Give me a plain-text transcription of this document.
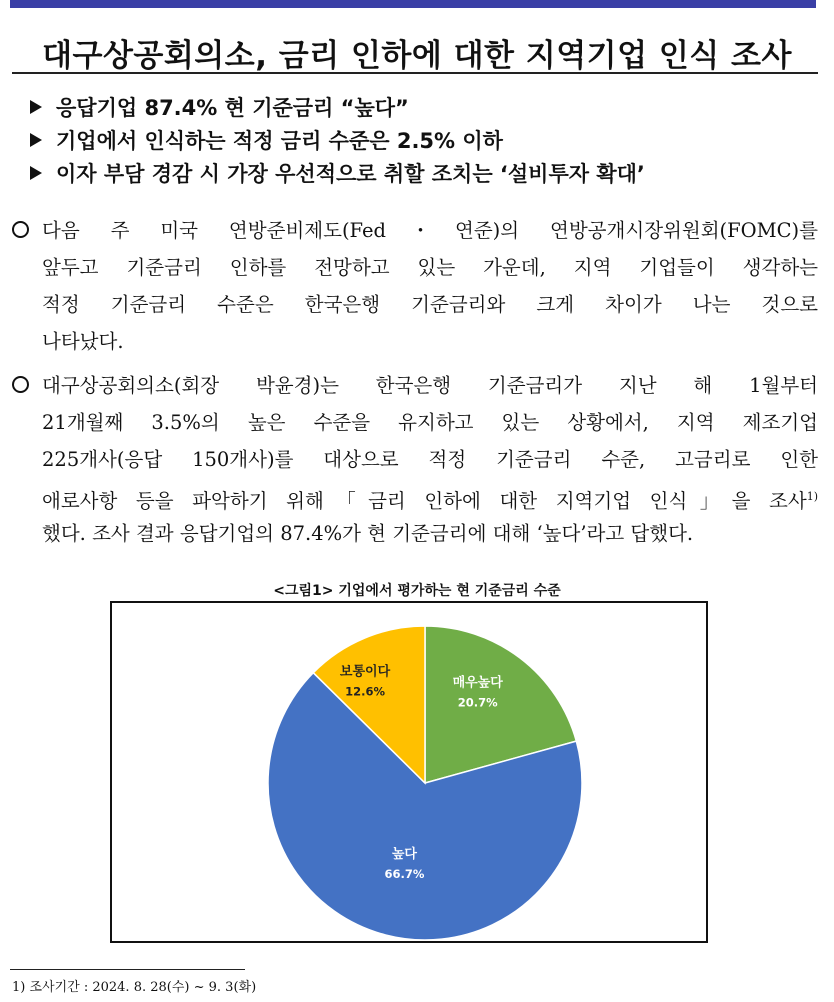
대구상공회의소, 금리 인하에 대한 지역기업 인식 조사
응답기업 87.4% 현 기준금리 “높다”
기업에서 인식하는 적정 금리 수준은 2.5% 이하
이자 부담 경감 시 가장 우선적으로 취할 조치는 ‘설비투자 확대’
다음 주 미국 연방준비제도(Fed・연준)의 연방공개시장위원회(FOMC)를
앞두고 기준금리 인하를 전망하고 있는 가운데, 지역 기업들이 생각하는
적정 기준금리 수준은 한국은행 기준금리와 크게 차이가 나는 것으로
나타났다.
대구상공회의소(회장 박윤경)는 한국은행 기준금리가 지난 해 1월부터
21개월째 3.5%의 높은 수준을 유지하고 있는 상황에서, 지역 제조기업
225개사(응답 150개사)를 대상으로 적정 기준금리 수준, 고금리로 인한
애로사항 등을 파악하기 위해「금리 인하에 대한 지역기업 인식」을 조사$^{1)}$
했다. 조사 결과 응답기업의 87.4%가 현 기준금리에 대해 ‘높다’라고 답했다.
<그림1> 기업에서 평가하는 현 기준금리 수준
매우높다
20.7%
높다
66.7%
보통이다
12.6%
1) 조사기간 : 2024. 8. 28(수) ~ 9. 3(화)
